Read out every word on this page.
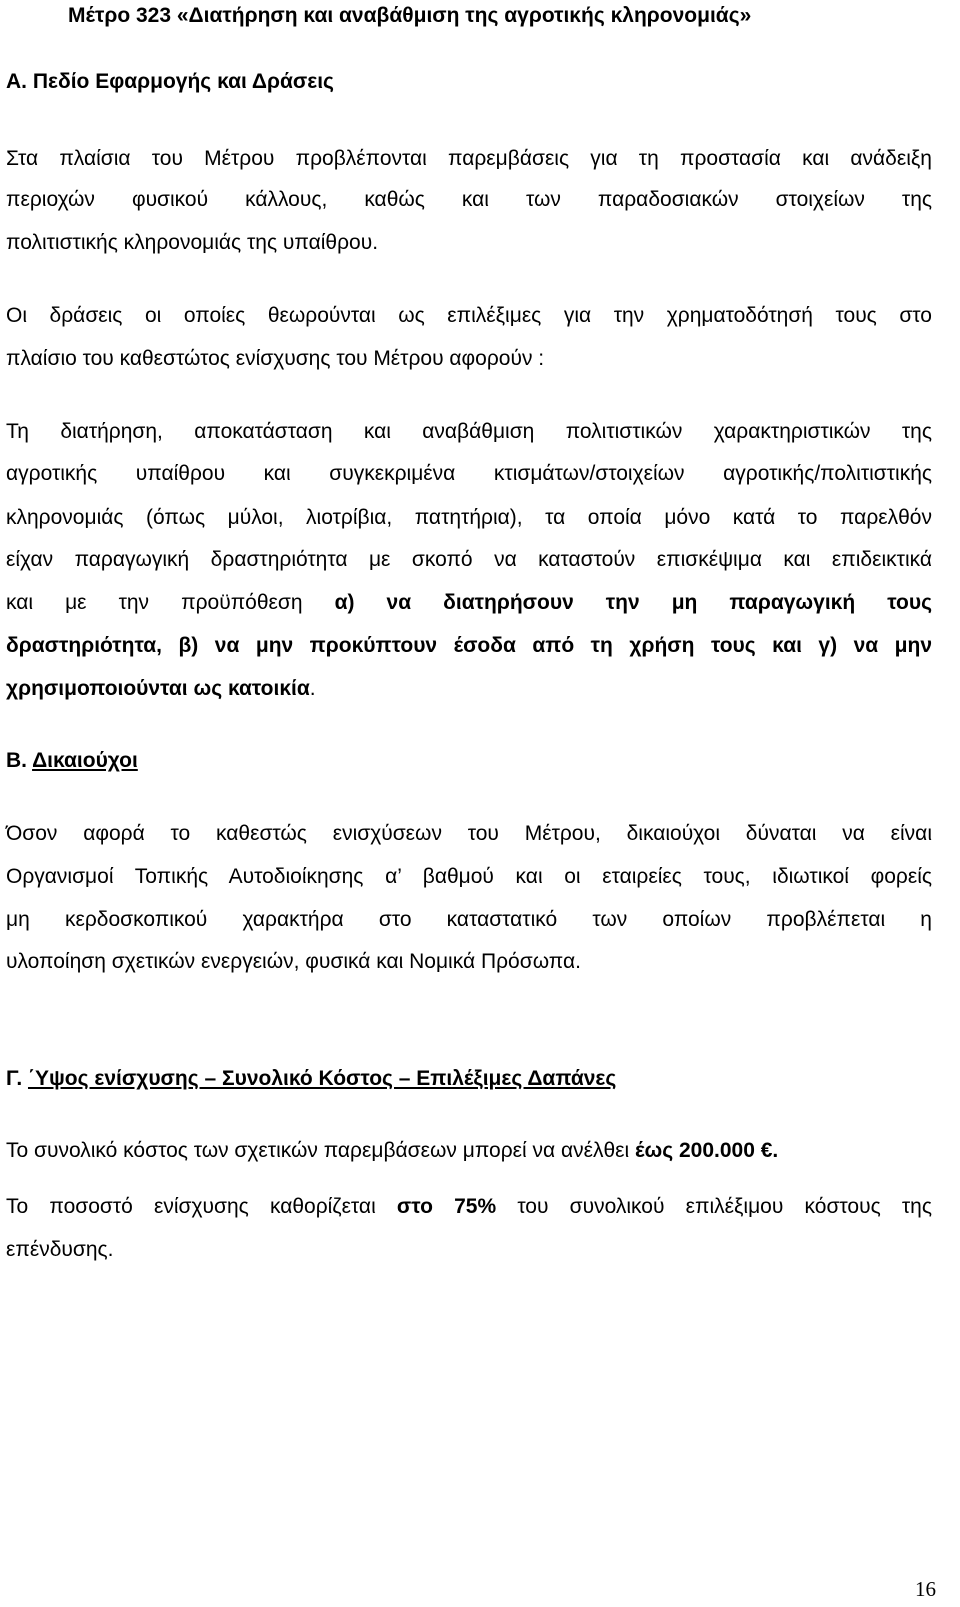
Μέτρο 323 «Διατήρηση και αναβάθμιση της αγροτικής κληρονομιάς»
Α. Πεδίο Εφαρμογής και Δράσεις
Στα πλαίσια του Μέτρου προβλέπονται παρεμβάσεις για τη προστασία και ανάδειξη
περιοχών φυσικού κάλλους, καθώς και των παραδοσιακών στοιχείων της
πολιτιστικής κληρονομιάς της υπαίθρου.
Οι δράσεις οι οποίες θεωρούνται ως επιλέξιμες για την χρηματοδότησή τους στο
πλαίσιο του καθεστώτος ενίσχυσης του Μέτρου αφορούν :
Τη διατήρηση, αποκατάσταση και αναβάθμιση πολιτιστικών χαρακτηριστικών της
αγροτικής υπαίθρου και συγκεκριμένα κτισμάτων/στοιχείων αγροτικής/πολιτιστικής
κληρονομιάς (όπως μύλοι, λιοτρίβια, πατητήρια), τα οποία μόνο κατά το παρελθόν
είχαν παραγωγική δραστηριότητα με σκοπό να καταστούν επισκέψιμα και επιδεικτικά
και με την προϋπόθεση α) να διατηρήσουν την μη παραγωγική τους
δραστηριότητα, β) να μην προκύπτουν έσοδα από τη χρήση τους και γ) να μην
χρησιμοποιούνται ως κατοικία.
Β. Δικαιούχοι
Όσον αφορά το καθεστώς ενισχύσεων του Μέτρου, δικαιούχοι δύναται να είναι
Οργανισμοί Τοπικής Αυτοδιοίκησης α’ βαθμού και οι εταιρείες τους, ιδιωτικοί φορείς
μη κερδοσκοπικού χαρακτήρα στο καταστατικό των οποίων προβλέπεται η
υλοποίηση σχετικών ενεργειών, φυσικά και Νομικά Πρόσωπα.
Γ. ΄Υψος ενίσχυσης – Συνολικό Κόστος – Επιλέξιμες Δαπάνες
Το συνολικό κόστος των σχετικών παρεμβάσεων μπορεί να ανέλθει έως 200.000 €.
Το ποσοστό ενίσχυσης καθορίζεται στο 75% του συνολικού επιλέξιμου κόστους της
επένδυσης.
16
